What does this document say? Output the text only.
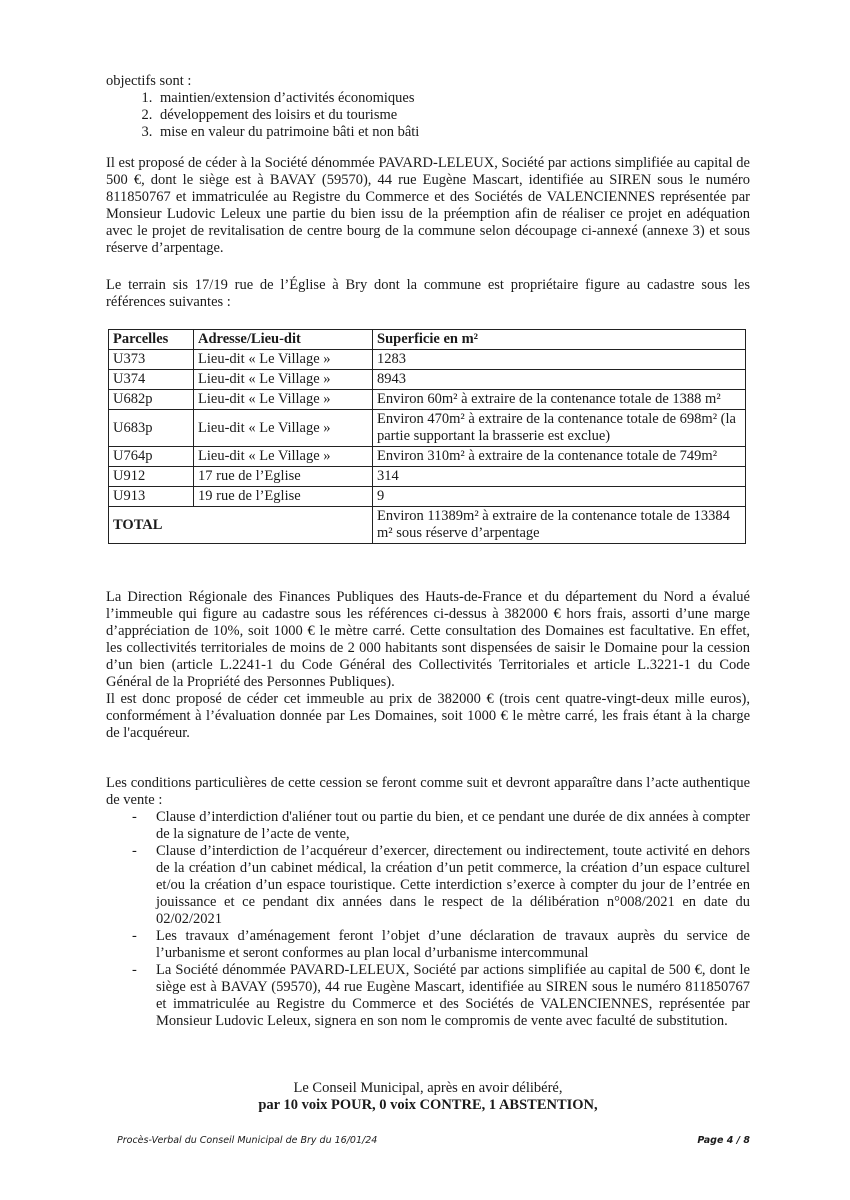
objectifs sont :

1. maintien/extension d’activités économiques
2. développement des loisirs et du tourisme
3. mise en valeur du patrimoine bâti et non bâti

Il est proposé de céder à la Société dénommée PAVARD-LELEUX, Société par actions simplifiée au capital de 500 €, dont le siège est à BAVAY (59570), 44 rue Eugène Mascart, identifiée au SIREN sous le numéro 811850767 et immatriculée au Registre du Commerce et des Sociétés de VALENCIENNES représentée par Monsieur Ludovic Leleux une partie du bien issu de la préemption afin de réaliser ce projet en adéquation avec le projet de revitalisation de centre bourg de la commune selon découpage ci-annexé (annexe 3) et sous réserve d’arpentage.

Le terrain sis 17/19 rue de l’Église à Bry dont la commune est propriétaire figure au cadastre sous les références suivantes :

Parcelles	Adresse/Lieu-dit	Superficie en m²
U373	Lieu-dit « Le Village »	1283
U374	Lieu-dit « Le Village »	8943
U682p	Lieu-dit « Le Village »	Environ 60m² à extraire de la contenance totale de 1388 m²
U683p	Lieu-dit « Le Village »	Environ 470m² à extraire de la contenance totale de 698m² (la partie supportant la brasserie est exclue)
U764p	Lieu-dit « Le Village »	Environ 310m² à extraire de la contenance totale de 749m²
U912	17 rue de l’Eglise	314
U913	19 rue de l’Eglise	9
TOTAL		Environ 11389m² à extraire de la contenance totale de 13384 m² sous réserve d’arpentage

La Direction Régionale des Finances Publiques des Hauts-de-France et du département du Nord a évalué l’immeuble qui figure au cadastre sous les références ci-dessus à 382000 € hors frais, assorti d’une marge d’appréciation de 10%, soit 1000 € le mètre carré. Cette consultation des Domaines est facultative. En effet, les collectivités territoriales de moins de 2 000 habitants sont dispensées de saisir le Domaine pour la cession d’un bien (article L.2241-1 du Code Général des Collectivités Territoriales et article L.3221-1 du Code Général de la Propriété des Personnes Publiques).

Il est donc proposé de céder cet immeuble au prix de 382000 € (trois cent quatre-vingt-deux mille euros), conformément à l’évaluation donnée par Les Domaines, soit 1000 € le mètre carré, les frais étant à la charge de l'acquéreur.

Les conditions particulières de cette cession se feront comme suit et devront apparaître dans l’acte authentique de vente :

- Clause d’interdiction d'aliéner tout ou partie du bien, et ce pendant une durée de dix années à compter de la signature de l’acte de vente,
- Clause d’interdiction de l’acquéreur d’exercer, directement ou indirectement, toute activité en dehors de la création d’un cabinet médical, la création d’un petit commerce, la création d’un espace culturel et/ou la création d’un espace touristique. Cette interdiction s’exerce à compter du jour de l’entrée en jouissance et ce pendant dix années dans le respect de la délibération n°008/2021 en date du 02/02/2021
- Les travaux d’aménagement feront l’objet d’une déclaration de travaux auprès du service de l’urbanisme et seront conformes au plan local d’urbanisme intercommunal
- La Société dénommée PAVARD-LELEUX, Société par actions simplifiée au capital de 500 €, dont le siège est à BAVAY (59570), 44 rue Eugène Mascart, identifiée au SIREN sous le numéro 811850767 et immatriculée au Registre du Commerce et des Sociétés de VALENCIENNES, représentée par Monsieur Ludovic Leleux, signera en son nom le compromis de vente avec faculté de substitution.
Le Conseil Municipal, après en avoir délibéré,
par 10 voix POUR, 0 voix CONTRE, 1 ABSTENTION,
Procès-Verbal du Conseil Municipal de Bry du 16/01/24	Page 4 / 8
